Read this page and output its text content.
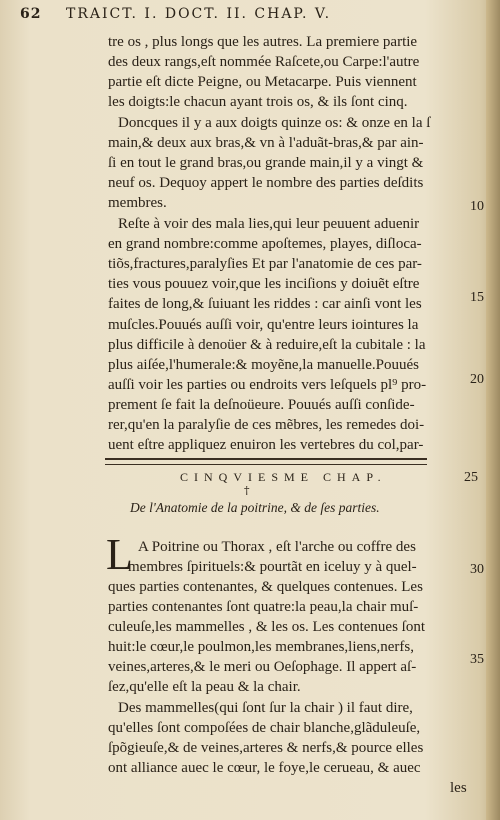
62 TRAICT. I. DOCT. II. CHAP. V.
tre os , plus longs que les autres. La premiere partie
des deux rangs,eſt nommée Raſcete,ou Carpe:l'autre
partie eſt dicte Peigne, ou Metacarpe. Puis viennent
les doigts:le chacun ayant trois os, & ils ſont cinq.
Doncques il y a aux doigts quinze os: & onze en la ſ
main,& deux aux bras,& vn à l'aduãt-bras,& par ain-
ſi en tout le grand bras,ou grande main,il y a vingt &
neuf os. Dequoy appert le nombre des parties deſdits
membres.
Reſte à voir des mala lies,qui leur peuuent aduenir
en grand nombre:comme apoſtemes, playes, diſloca-
tiõs,fractures,paralyſies Et par l'anatomie de ces par-
ties vous pouuez voir,que les inciſions y doiuẽt eſtre
faites de long,& ſuiuant les riddes : car ainſi vont les
muſcles.Pouués auſſi voir, qu'entre leurs iointures la
plus difficile à denoüer & à reduire,eſt la cubitale : la
plus aiſée,l'humerale:& moyẽne,la manuelle.Pouués
auſſi voir les parties ou endroits vers leſquels pl⁹ pro-
prement ſe fait la deſnoüeure. Pouués auſſi conſide-
rer,qu'en la paralyſie de ces mẽbres, les remedes doi-
uent eſtre appliquez enuiron les vertebres du col,par-
10
15
20
25
30
35
CINQVIESME CHAP.
†
De l'Anatomie de la poitrine, & de ſes parties.
L A Poitrine ou Thorax , eſt l'arche ou coffre des
membres ſpirituels:& pourtãt en iceluy y à quel-
ques parties contenantes, & quelques contenues. Les
parties contenantes ſont quatre:la peau,la chair muſ-
culeuſe,les mammelles , & les os. Les contenues ſont
huit:le cœur,le poulmon,les membranes,liens,nerfs,
veines,arteres,& le meri ou Oeſophage. Il appert aſ-
ſez,qu'elle eſt la peau & la chair.
Des mammelles(qui ſont ſur la chair ) il faut dire,
qu'elles ſont compoſées de chair blanche,glãduleuſe,
ſpõgieuſe,& de veines,arteres & nerfs,& pource elles
ont alliance auec le cœur, le foye,le cerueau, & auec
les
